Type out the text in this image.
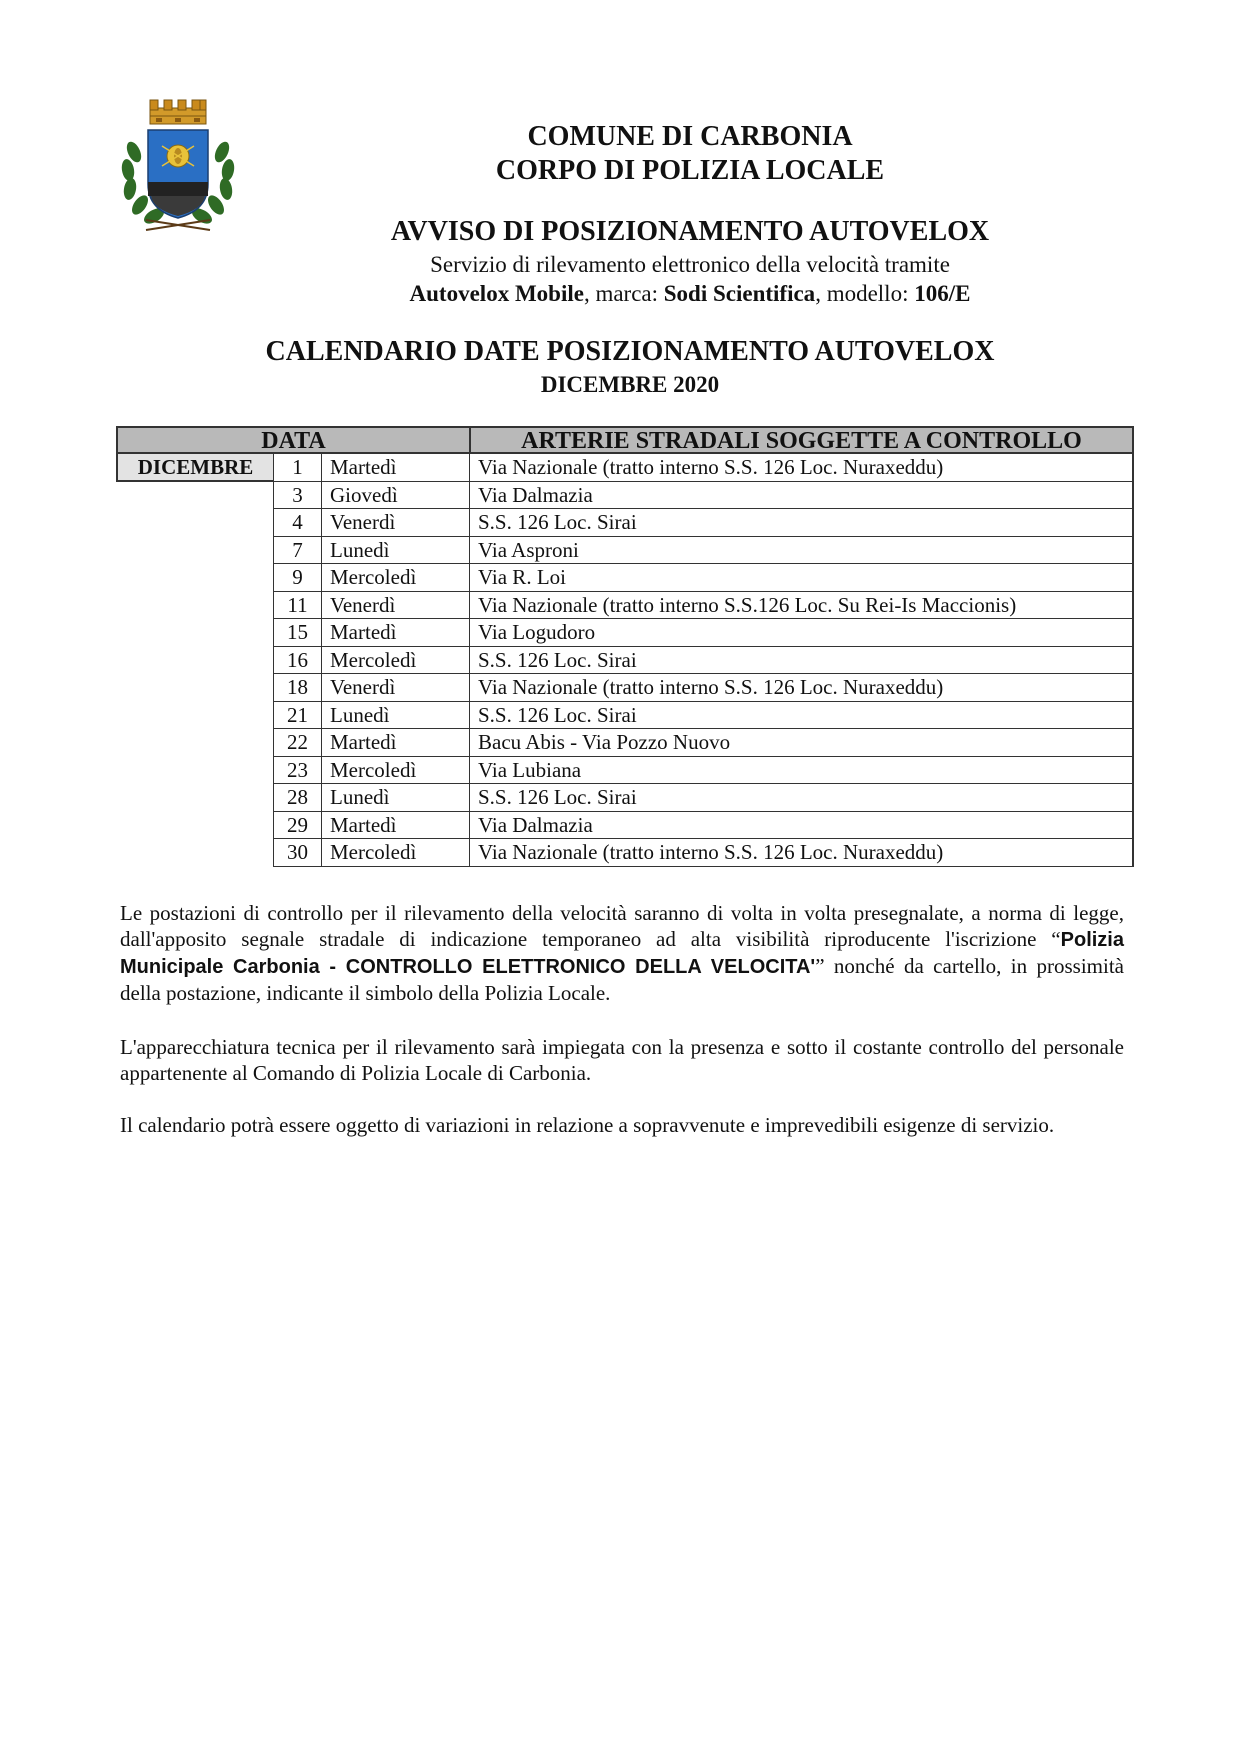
COMUNE DI CARBONIA
CORPO DI POLIZIA LOCALE
AVVISO DI POSIZIONAMENTO AUTOVELOX
Servizio di rilevamento elettronico della velocità tramite
Autovelox Mobile, marca: Sodi Scientifica, modello: 106/E
CALENDARIO DATE POSIZIONAMENTO AUTOVELOX
DICEMBRE 2020
DATA	ARTERIE STRADALI SOGGETTE A CONTROLLO
DICEMBRE	1	Martedì	Via Nazionale (tratto interno S.S. 126 Loc. Nuraxeddu)
3	Giovedì	Via Dalmazia
4	Venerdì	S.S. 126 Loc. Sirai
7	Lunedì	Via Asproni
9	Mercoledì	Via R. Loi
11	Venerdì	Via Nazionale (tratto interno S.S.126 Loc. Su Rei-Is Maccionis)
15	Martedì	Via Logudoro
16	Mercoledì	S.S. 126 Loc. Sirai
18	Venerdì	Via Nazionale (tratto interno S.S. 126 Loc. Nuraxeddu)
21	Lunedì	S.S. 126 Loc. Sirai
22	Martedì	Bacu Abis - Via Pozzo Nuovo
23	Mercoledì	Via Lubiana
28	Lunedì	S.S. 126 Loc. Sirai
29	Martedì	Via Dalmazia
30	Mercoledì	Via Nazionale (tratto interno S.S. 126 Loc. Nuraxeddu)

Le postazioni di controllo per il rilevamento della velocità saranno di volta in volta presegnalate, a norma di legge, dall'apposito segnale stradale di indicazione temporaneo ad alta visibilità riproducente l'iscrizione “Polizia Municipale Carbonia - CONTROLLO ELETTRONICO DELLA VELOCITA'” nonché da cartello, in prossimità della postazione, indicante il simbolo della Polizia Locale.

L'apparecchiatura tecnica per il rilevamento sarà impiegata con la presenza e sotto il costante controllo del personale appartenente al Comando di Polizia Locale di Carbonia.

Il calendario potrà essere oggetto di variazioni in relazione a sopravvenute e imprevedibili esigenze di servizio.
